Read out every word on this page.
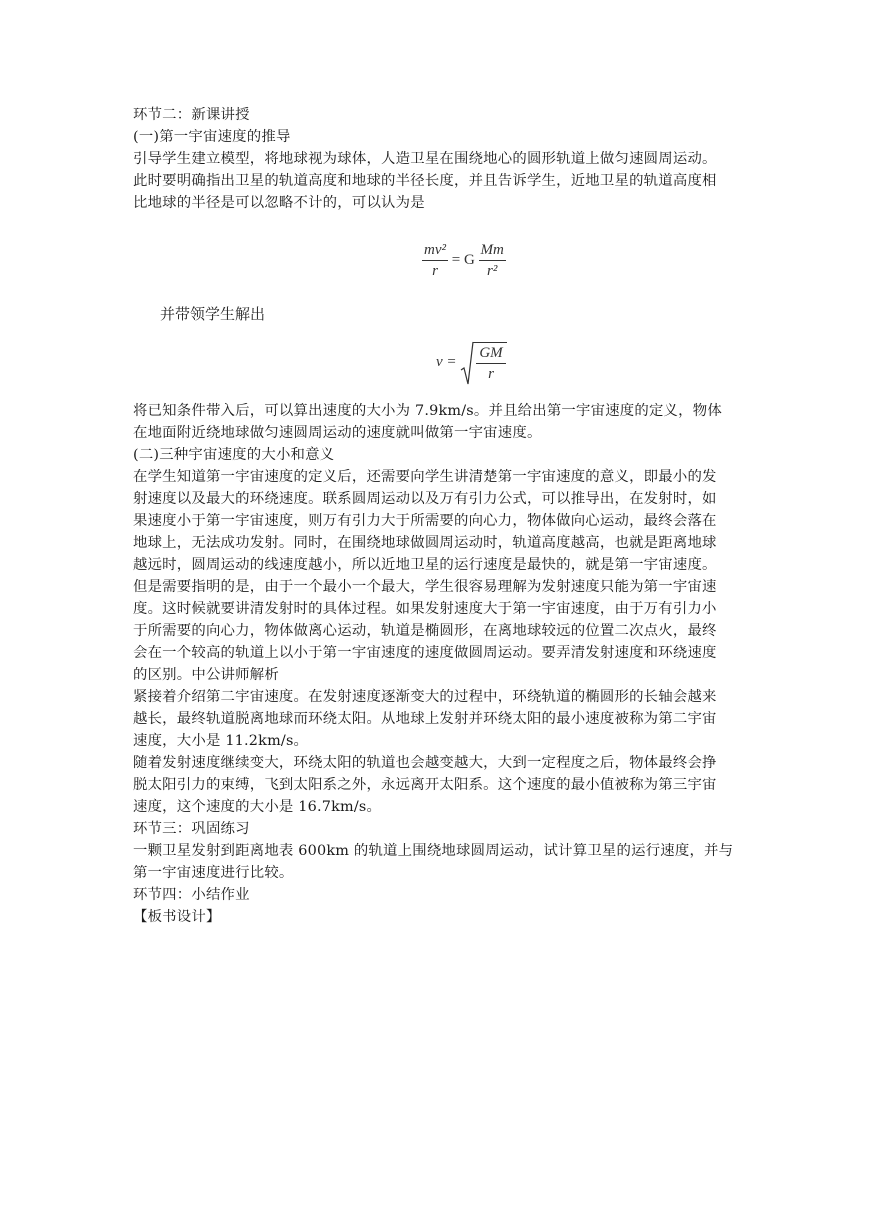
环节二：新课讲授
(一)第一宇宙速度的推导
引导学生建立模型，将地球视为球体，人造卫星在围绕地心的圆形轨道上做匀速圆周运动。
此时要明确指出卫星的轨道高度和地球的半径长度，并且告诉学生，近地卫星的轨道高度相
比地球的半径是可以忽略不计的，可以认为是
$\frac{\text{mv²}}{r} = G \frac{Mm}{\text{r²}}$
并带领学生解出
$v = \frac{GM}{r}$
将已知条件带入后，可以算出速度的大小为 7.9km/s。并且给出第一宇宙速度的定义，物体
在地面附近绕地球做匀速圆周运动的速度就叫做第一宇宙速度。
(二)三种宇宙速度的大小和意义
在学生知道第一宇宙速度的定义后，还需要向学生讲清楚第一宇宙速度的意义，即最小的发
射速度以及最大的环绕速度。联系圆周运动以及万有引力公式，可以推导出，在发射时，如
果速度小于第一宇宙速度，则万有引力大于所需要的向心力，物体做向心运动，最终会落在
地球上，无法成功发射。同时，在围绕地球做圆周运动时，轨道高度越高，也就是距离地球
越远时，圆周运动的线速度越小，所以近地卫星的运行速度是最快的，就是第一宇宙速度。
但是需要指明的是，由于一个最小一个最大，学生很容易理解为发射速度只能为第一宇宙速
度。这时候就要讲清发射时的具体过程。如果发射速度大于第一宇宙速度，由于万有引力小
于所需要的向心力，物体做离心运动，轨道是椭圆形，在离地球较远的位置二次点火，最终
会在一个较高的轨道上以小于第一宇宙速度的速度做圆周运动。要弄清发射速度和环绕速度
的区别。中公讲师解析
紧接着介绍第二宇宙速度。在发射速度逐渐变大的过程中，环绕轨道的椭圆形的长轴会越来
越长，最终轨道脱离地球而环绕太阳。从地球上发射并环绕太阳的最小速度被称为第二宇宙
速度，大小是 11.2km/s。
随着发射速度继续变大，环绕太阳的轨道也会越变越大，大到一定程度之后，物体最终会挣
脱太阳引力的束缚，飞到太阳系之外，永远离开太阳系。这个速度的最小值被称为第三宇宙
速度，这个速度的大小是 16.7km/s。
环节三：巩固练习
一颗卫星发射到距离地表 600km 的轨道上围绕地球圆周运动，试计算卫星的运行速度，并与
第一宇宙速度进行比较。
环节四：小结作业
【板书设计】
